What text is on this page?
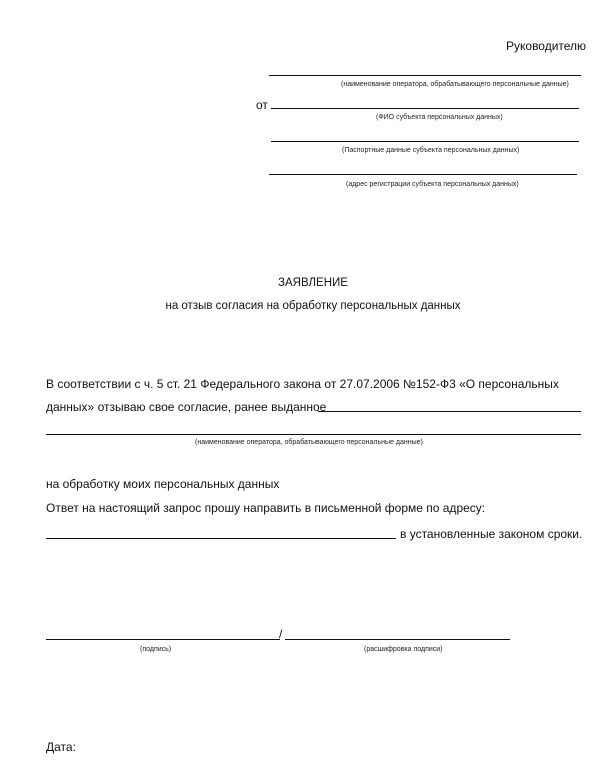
Руководителю
(наименование оператора, обрабатывающего персональные данные)
от
(ФИО субъекта персональных данных)
(Паспортные данные субъекта персональных данных)
(адрес регистрации субъекта персональных данных)
ЗАЯВЛЕНИЕ
на отзыв согласия на обработку персональных данных
В соответствии с ч. 5 ст. 21 Федерального закона от 27.07.2006 №152-Ф3 «О персональных
данных» отзываю свое согласие, ранее выданное
(наименование оператора, обрабатывающего персональные данные)
на обработку моих персональных данных
Ответ на настоящий запрос прошу направить в письменной форме по адресу:
в установленные законом сроки.
/
(подпись)	(расшифровка подписи)
Дата:
